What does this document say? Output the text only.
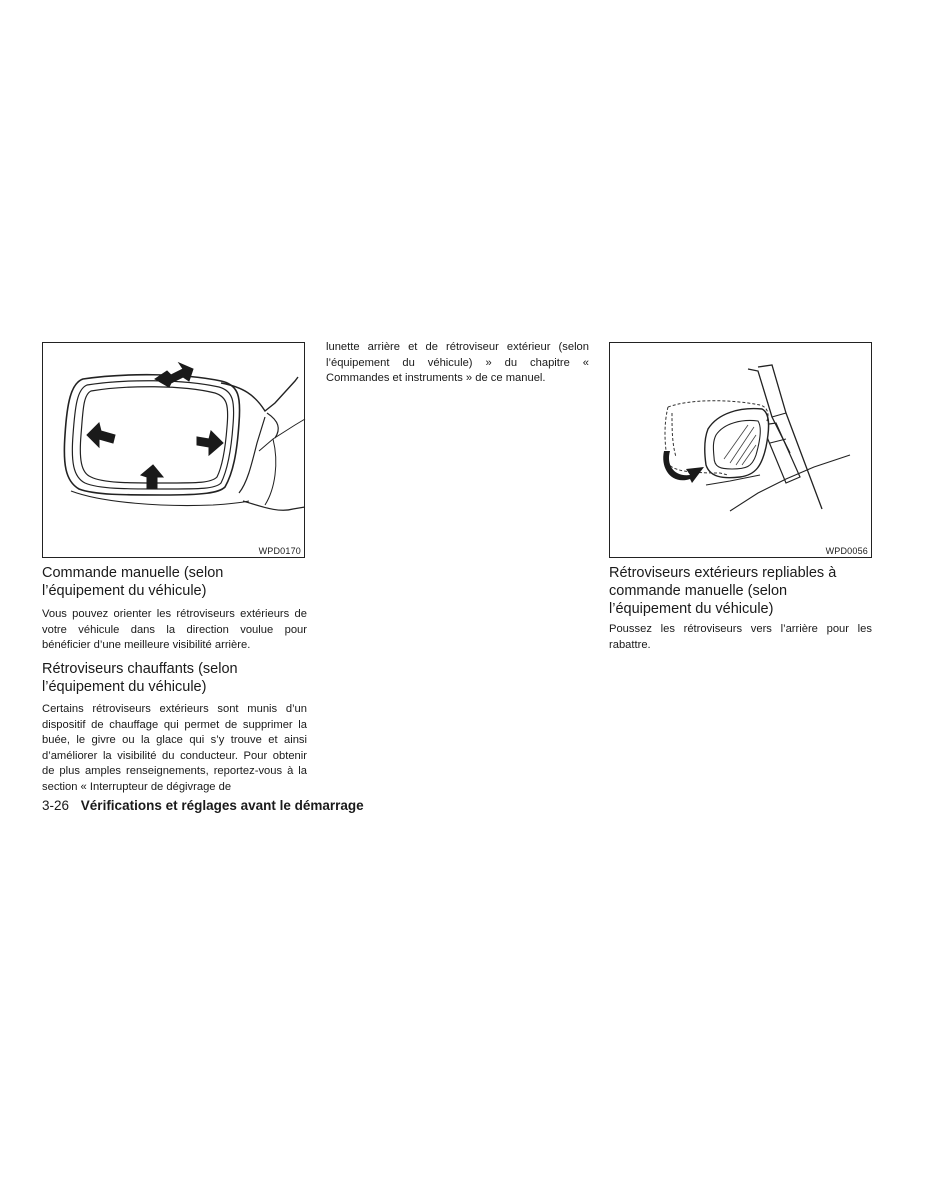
WPD0170
Commande manuelle (selon
l’équipement du véhicule)

Vous pouvez orienter les rétroviseurs extérieurs de votre véhicule dans la direction voulue pour bénéficier d’une meilleure visibilité arrière.

Rétroviseurs chauffants (selon
l’équipement du véhicule)

Certains rétroviseurs extérieurs sont munis d’un dispositif de chauffage qui permet de supprimer la buée, le givre ou la glace qui s’y trouve et ainsi d’améliorer la visibilité du conducteur. Pour obtenir de plus amples renseignements, reportez-vous à la section « Interrupteur de dégivrage de

lunette arrière et de rétroviseur extérieur (selon l’équipement du véhicule) » du chapitre « Commandes et instruments » de ce manuel.

WPD0056
Rétroviseurs extérieurs repliables à
commande manuelle (selon
l’équipement du véhicule)

Poussez les rétroviseurs vers l’arrière pour les rabattre.

3-26 Vérifications et réglages avant le démarrage
